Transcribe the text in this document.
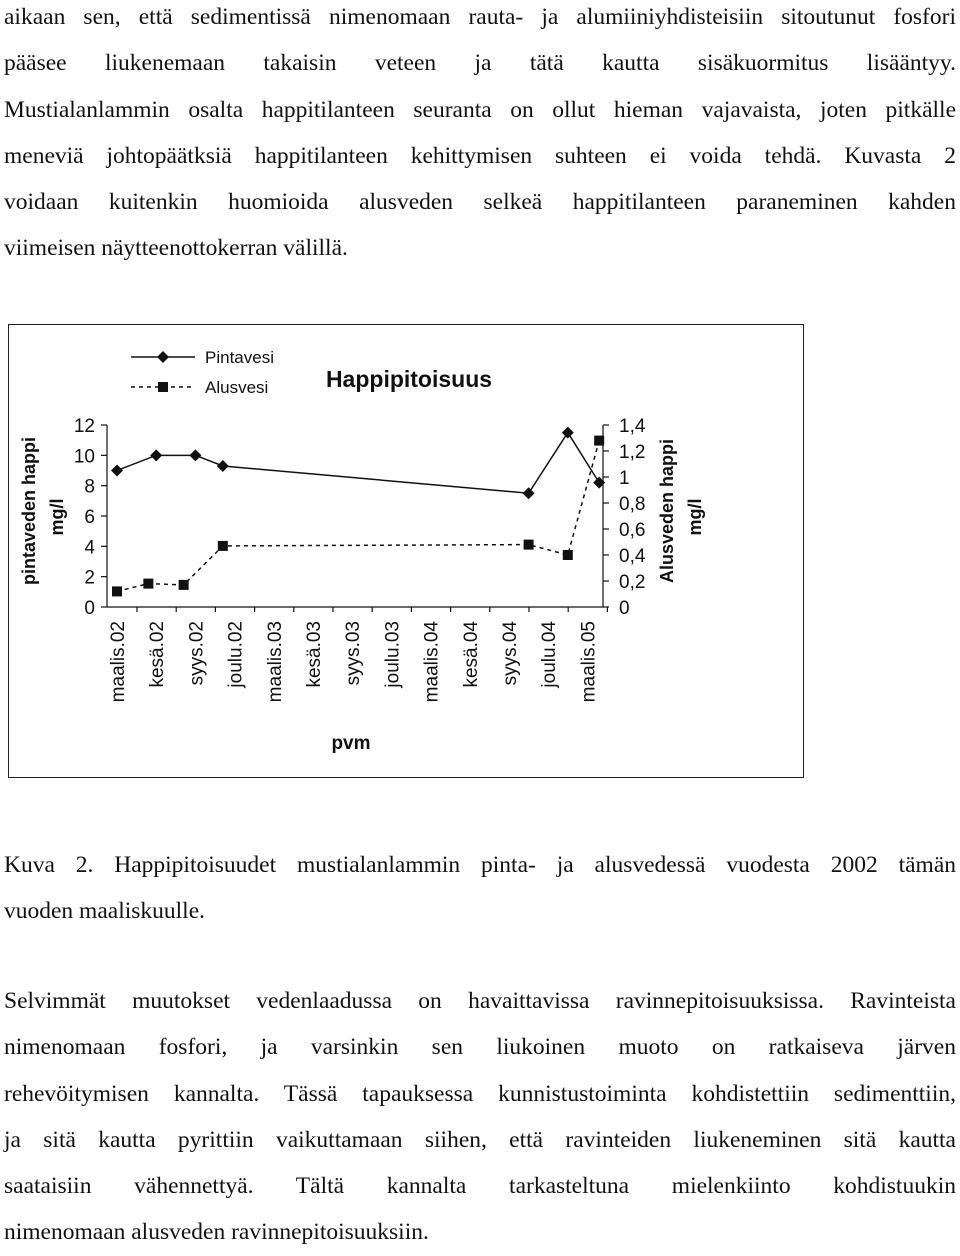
aikaan sen, että sedimentissä nimenomaan rauta- ja alumiiniyhdisteisiin sitoutunut fosfori
pääsee liukenemaan takaisin veteen ja tätä kautta sisäkuormitus lisääntyy.
Mustialanlammin osalta happitilanteen seuranta on ollut hieman vajavaista, joten pitkälle
meneviä johtopäätksiä happitilanteen kehittymisen suhteen ei voida tehdä. Kuvasta 2
voidaan kuitenkin huomioida alusveden selkeä happitilanteen paraneminen kahden
viimeisen näytteenottokerran välillä.
Pintavesi
Alusvesi	Happipitoisuus
0
2
4
6
8
10
12
0
0,2
0,4
0,6
0,8
1
1,2
1,4
maalis.02 kesä.02 syys.02 joulu.02 maalis.03 kesä.03 syys.03 joulu.03 maalis.04 kesä.04 syys.04 joulu.04 maalis.05
pintaveden happi mg/l	Alusveden happi mg/l
pvm
Kuva 2. Happipitoisuudet mustialanlammin pinta- ja alusvedessä vuodesta 2002 tämän
vuoden maaliskuulle.
Selvimmät muutokset vedenlaadussa on havaittavissa ravinnepitoisuuksissa. Ravinteista
nimenomaan fosfori, ja varsinkin sen liukoinen muoto on ratkaiseva järven
rehevöitymisen kannalta. Tässä tapauksessa kunnistustoiminta kohdistettiin sedimenttiin,
ja sitä kautta pyrittiin vaikuttamaan siihen, että ravinteiden liukeneminen sitä kautta
saataisiin vähennettyä. Tältä kannalta tarkasteltuna mielenkiinto kohdistuukin
nimenomaan alusveden ravinnepitoisuuksiin.
